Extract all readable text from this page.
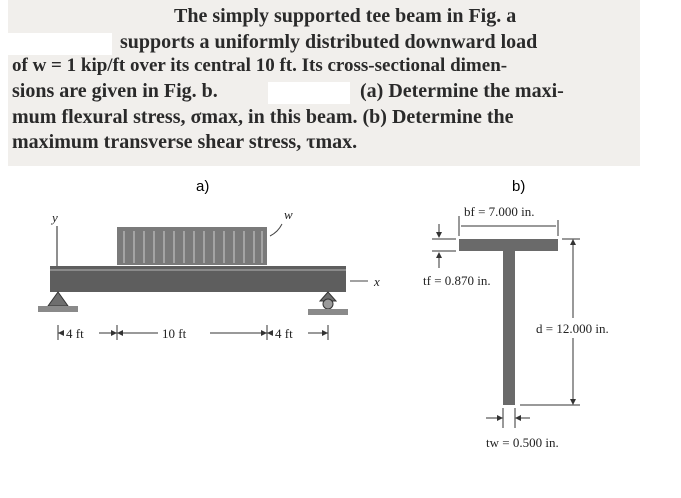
The simply supported tee beam in Fig. a
supports a uniformly distributed downward load
of w = 1 kip/ft over its central 10 ft. Its cross-sectional dimen-
sions are given in Fig. b.	(a) Determine the maxi-
mum flexural stress, σmax, in this beam. (b) Determine the
maximum transverse shear stress, τmax.
a)	b)
y	w
x
4 ft	10 ft	4 ft
bf = 7.000 in.
tf = 0.870 in.
d = 12.000 in.
tw = 0.500 in.
